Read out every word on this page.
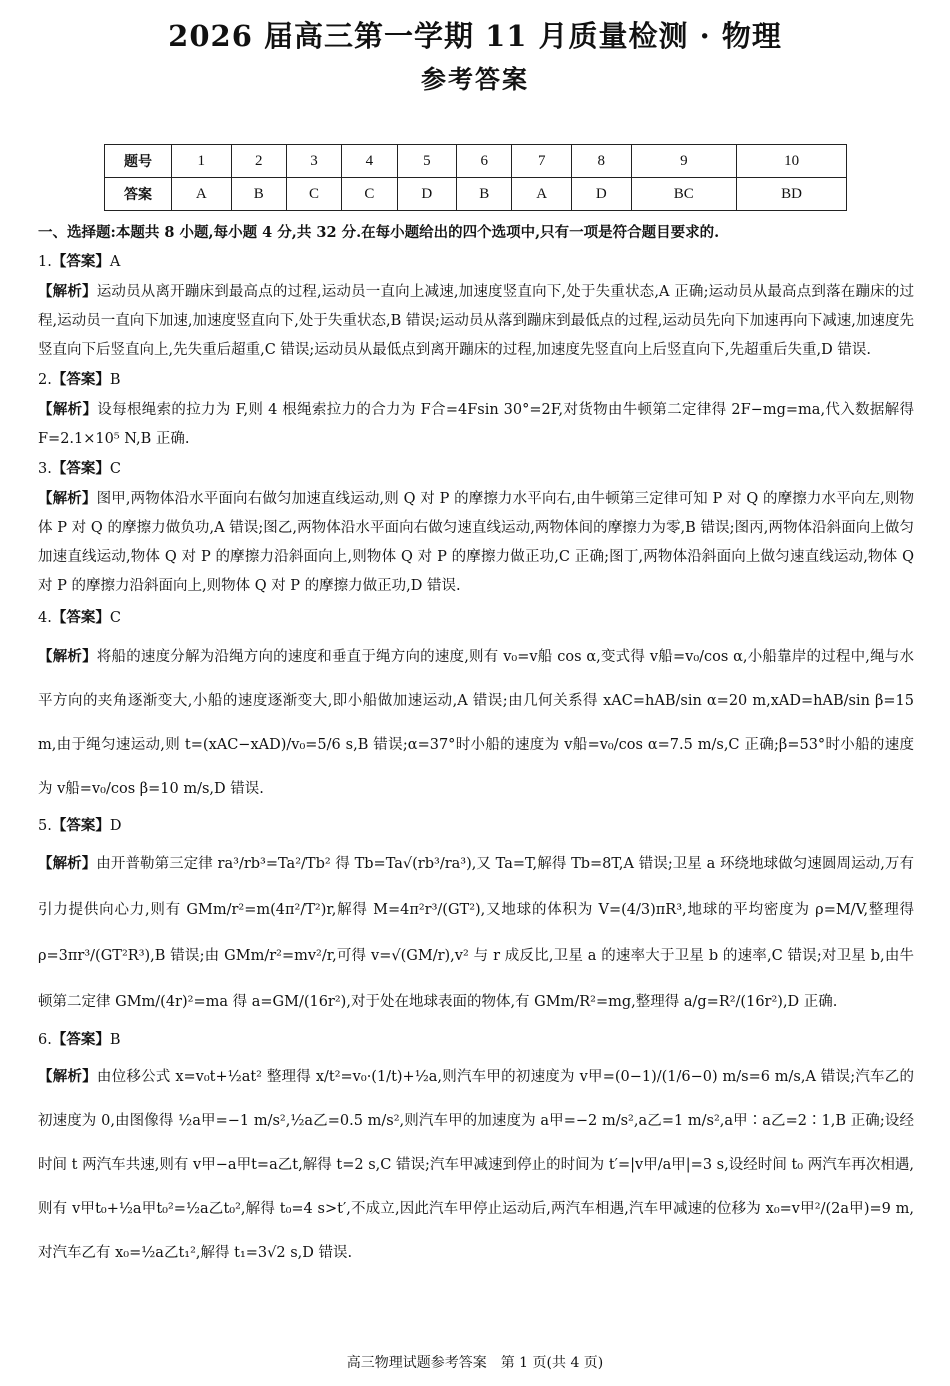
2026 届高三第一学期 11 月质量检测 · 物理
参考答案
题号	1	2	3	4	5	6	7	8	9	10
答案	A	B	C	C	D	B	A	D	BC	BD

一、选择题:本题共 8 小题,每小题 4 分,共 32 分.在每小题给出的四个选项中,只有一项是符合题目要求的.

1.【答案】A

【解析】运动员从离开蹦床到最高点的过程,运动员一直向上减速,加速度竖直向下,处于失重状态,A 正确;运动员从最高点到落在蹦床的过程,运动员一直向下加速,加速度竖直向下,处于失重状态,B 错误;运动员从落到蹦床到最低点的过程,运动员先向下加速再向下减速,加速度先竖直向下后竖直向上,先失重后超重,C 错误;运动员从最低点到离开蹦床的过程,加速度先竖直向上后竖直向下,先超重后失重,D 错误.

2.【答案】B

【解析】设每根绳索的拉力为 F,则 4 根绳索拉力的合力为 F合=4Fsin 30°=2F,对货物由牛顿第二定律得 2F−mg=ma,代入数据解得 F=2.1×10⁵ N,B 正确.

3.【答案】C

【解析】图甲,两物体沿水平面向右做匀加速直线运动,则 Q 对 P 的摩擦力水平向右,由牛顿第三定律可知 P 对 Q 的摩擦力水平向左,则物体 P 对 Q 的摩擦力做负功,A 错误;图乙,两物体沿水平面向右做匀速直线运动,两物体间的摩擦力为零,B 错误;图丙,两物体沿斜面向上做匀加速直线运动,物体 Q 对 P 的摩擦力沿斜面向上,则物体 Q 对 P 的摩擦力做正功,C 正确;图丁,两物体沿斜面向上做匀速直线运动,物体 Q 对 P 的摩擦力沿斜面向上,则物体 Q 对 P 的摩擦力做正功,D 错误.

4.【答案】C

【解析】将船的速度分解为沿绳方向的速度和垂直于绳方向的速度,则有 v₀=v船 cos α,变式得 v船=v₀/cos α,小船靠岸的过程中,绳与水平方向的夹角逐渐变大,小船的速度逐渐变大,即小船做加速运动,A 错误;由几何关系得 xAC=hAB/sin α=20 m,xAD=hAB/sin β=15 m,由于绳匀速运动,则 t=(xAC−xAD)/v₀=5/6 s,B 错误;α=37°时小船的速度为 v船=v₀/cos α=7.5 m/s,C 正确;β=53°时小船的速度为 v船=v₀/cos β=10 m/s,D 错误.

5.【答案】D

【解析】由开普勒第三定律 ra³/rb³=Ta²/Tb² 得 Tb=Ta√(rb³/ra³),又 Ta=T,解得 Tb=8T,A 错误;卫星 a 环绕地球做匀速圆周运动,万有引力提供向心力,则有 GMm/r²=m(4π²/T²)r,解得 M=4π²r³/(GT²),又地球的体积为 V=(4/3)πR³,地球的平均密度为 ρ=M/V,整理得 ρ=3πr³/(GT²R³),B 错误;由 GMm/r²=mv²/r,可得 v=√(GM/r),v² 与 r 成反比,卫星 a 的速率大于卫星 b 的速率,C 错误;对卫星 b,由牛顿第二定律 GMm/(4r)²=ma 得 a=GM/(16r²),对于处在地球表面的物体,有 GMm/R²=mg,整理得 a/g=R²/(16r²),D 正确.

6.【答案】B

【解析】由位移公式 x=v₀t+½at² 整理得 x/t²=v₀·(1/t)+½a,则汽车甲的初速度为 v甲=(0−1)/(1/6−0) m/s=6 m/s,A 错误;汽车乙的初速度为 0,由图像得 ½a甲=−1 m/s²,½a乙=0.5 m/s²,则汽车甲的加速度为 a甲=−2 m/s²,a乙=1 m/s²,a甲∶a乙=2∶1,B 正确;设经时间 t 两汽车共速,则有 v甲−a甲t=a乙t,解得 t=2 s,C 错误;汽车甲减速到停止的时间为 t′=|v甲/a甲|=3 s,设经时间 t₀ 两汽车再次相遇,则有 v甲t₀+½a甲t₀²=½a乙t₀²,解得 t₀=4 s>t′,不成立,因此汽车甲停止运动后,两汽车相遇,汽车甲减速的位移为 x₀=v甲²/(2a甲)=9 m,对汽车乙有 x₀=½a乙t₁²,解得 t₁=3√2 s,D 错误.

高三物理试题参考答案　第 1 页(共 4 页)
